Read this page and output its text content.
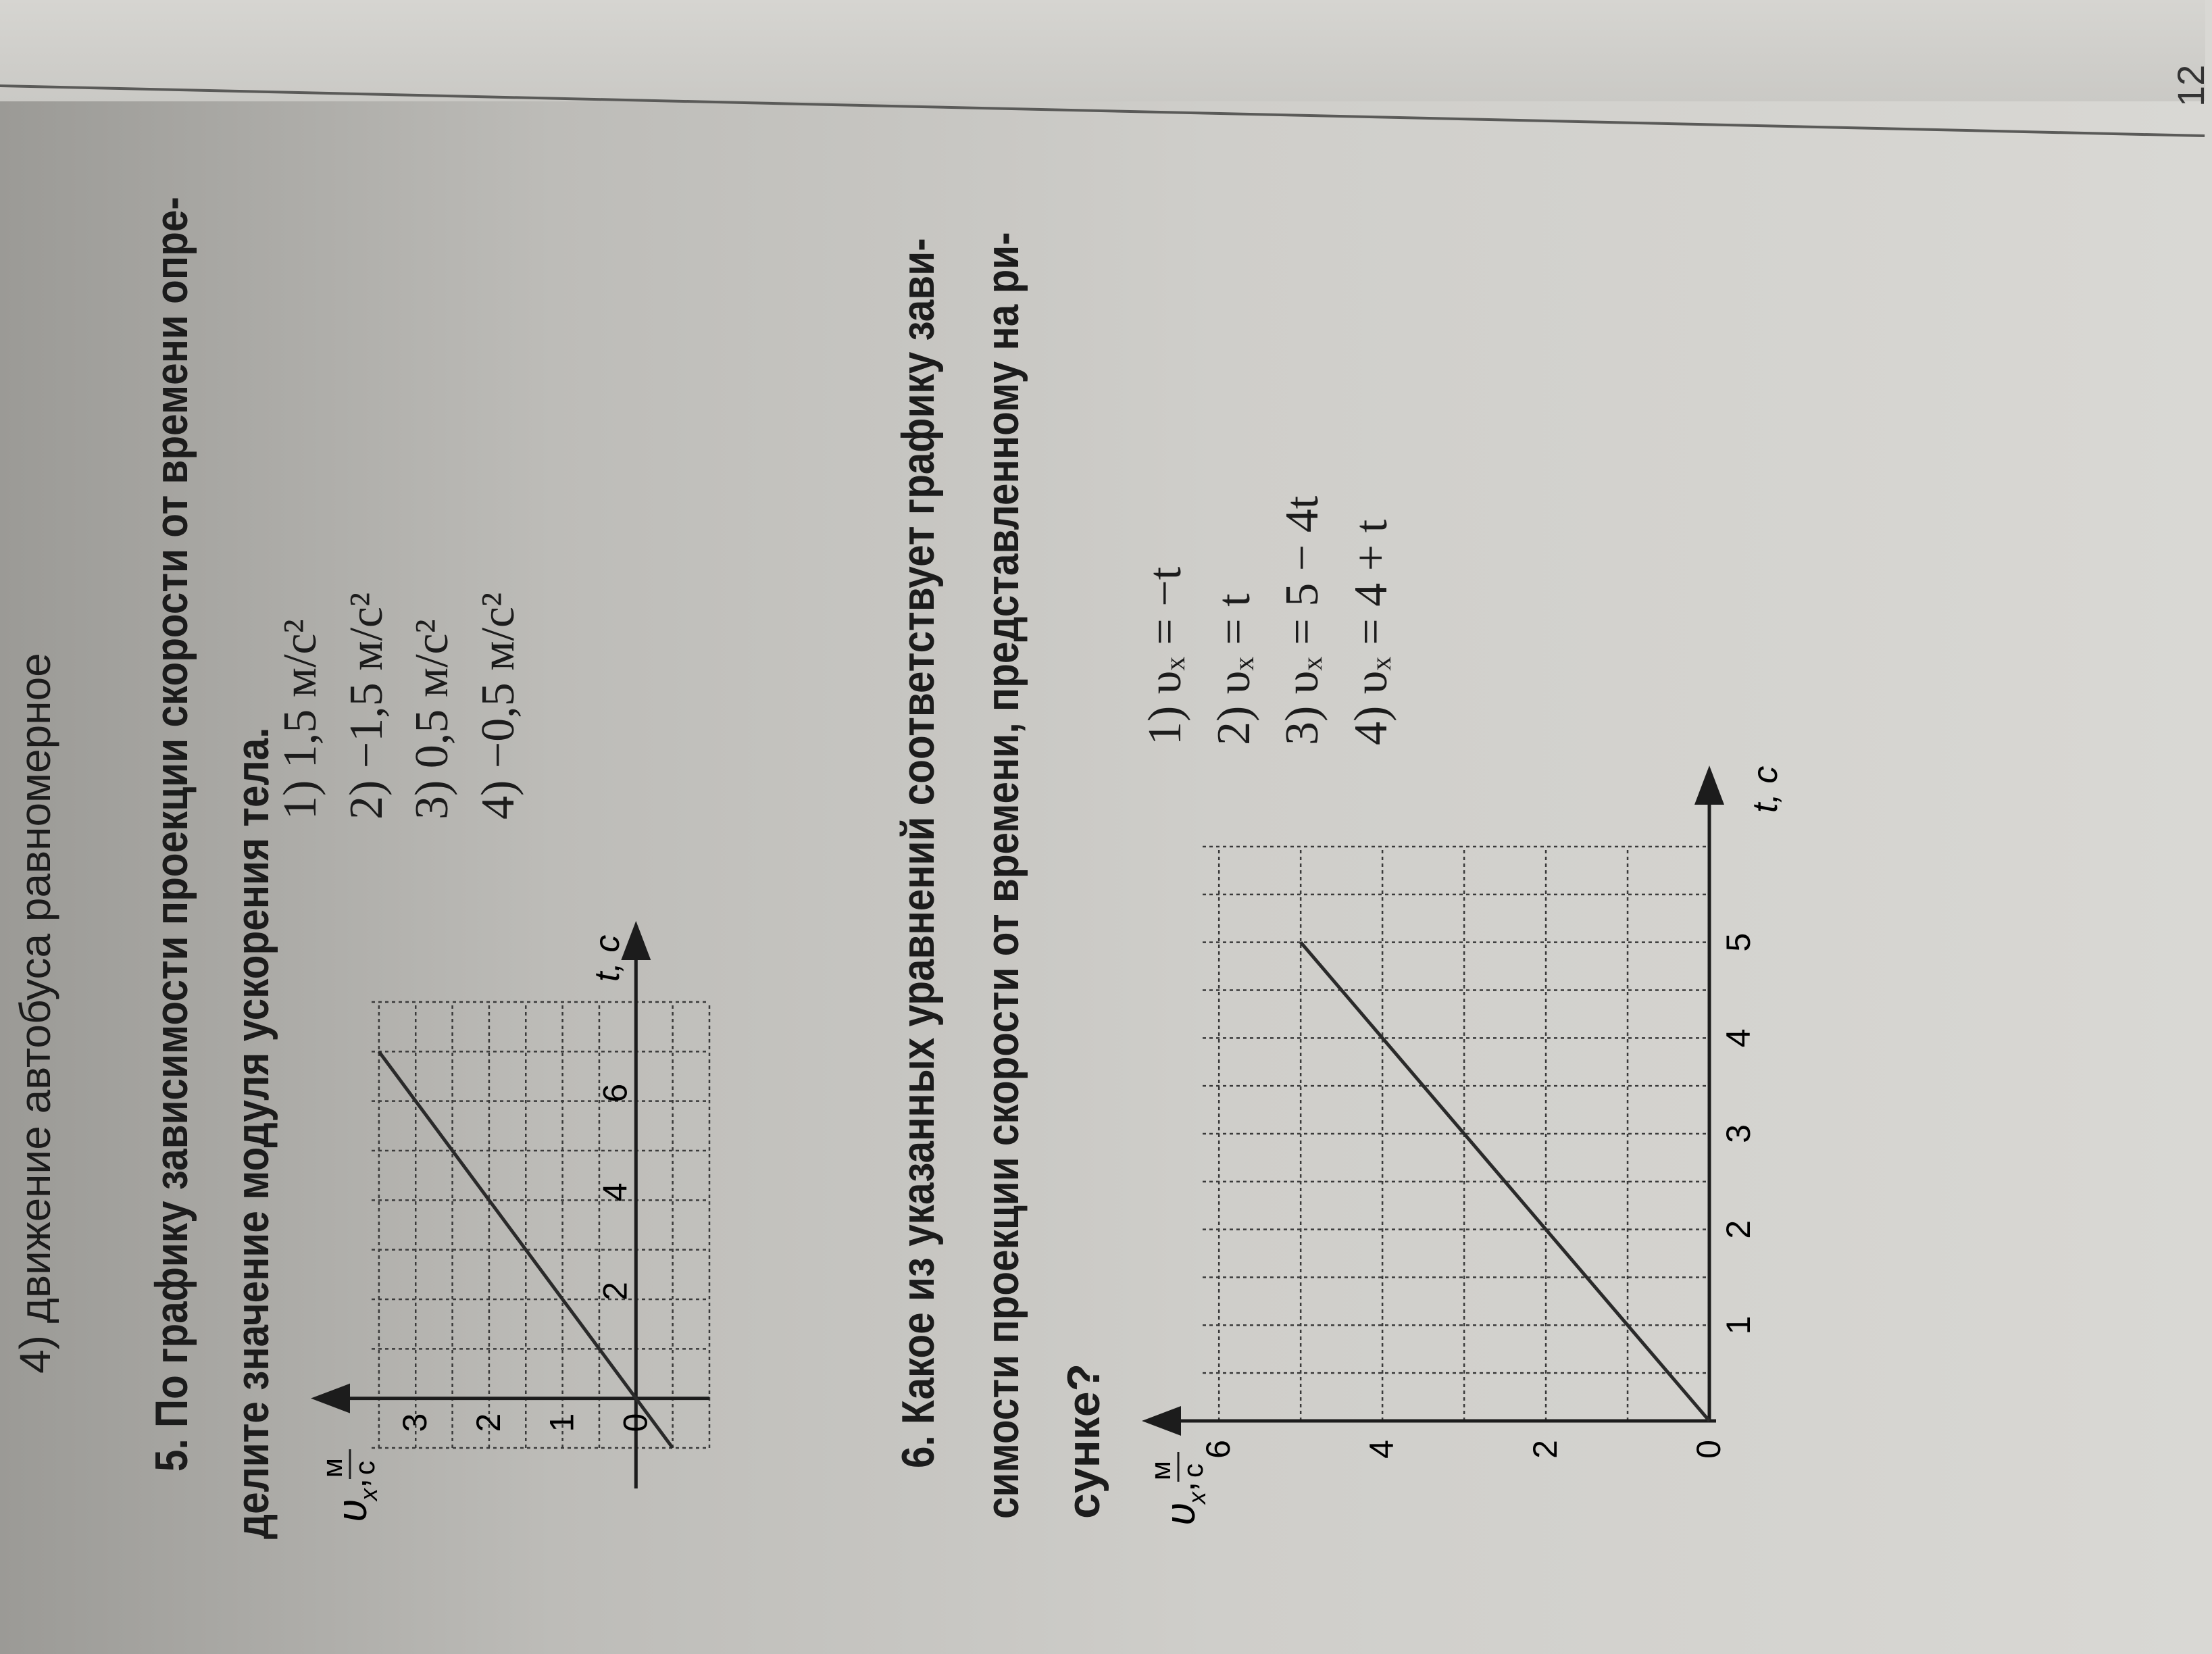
4) движение автобуса равномерное
5. По графику зависимости проекции скорости от времени опре- делите значение модуля ускорения тела.	3 2 1 0
2
4
6
υ
x
,
м с
t, с
1) 1,5 м/с² 2) −1,5 м/с² 3) 0,5 м/с² 4) −0,5 м/с²
6. Какое из указанных уравнений соответствует графику зави- симости проекции скорости от времени, представленному на ри- сунке?	6	4	2	0
1
2
3
4
5
υ
x
,
м с
t, с
1) υₓ = −t 2) υₓ = t 3) υₓ = 5 − 4t 4) υₓ = 4 + t
12
